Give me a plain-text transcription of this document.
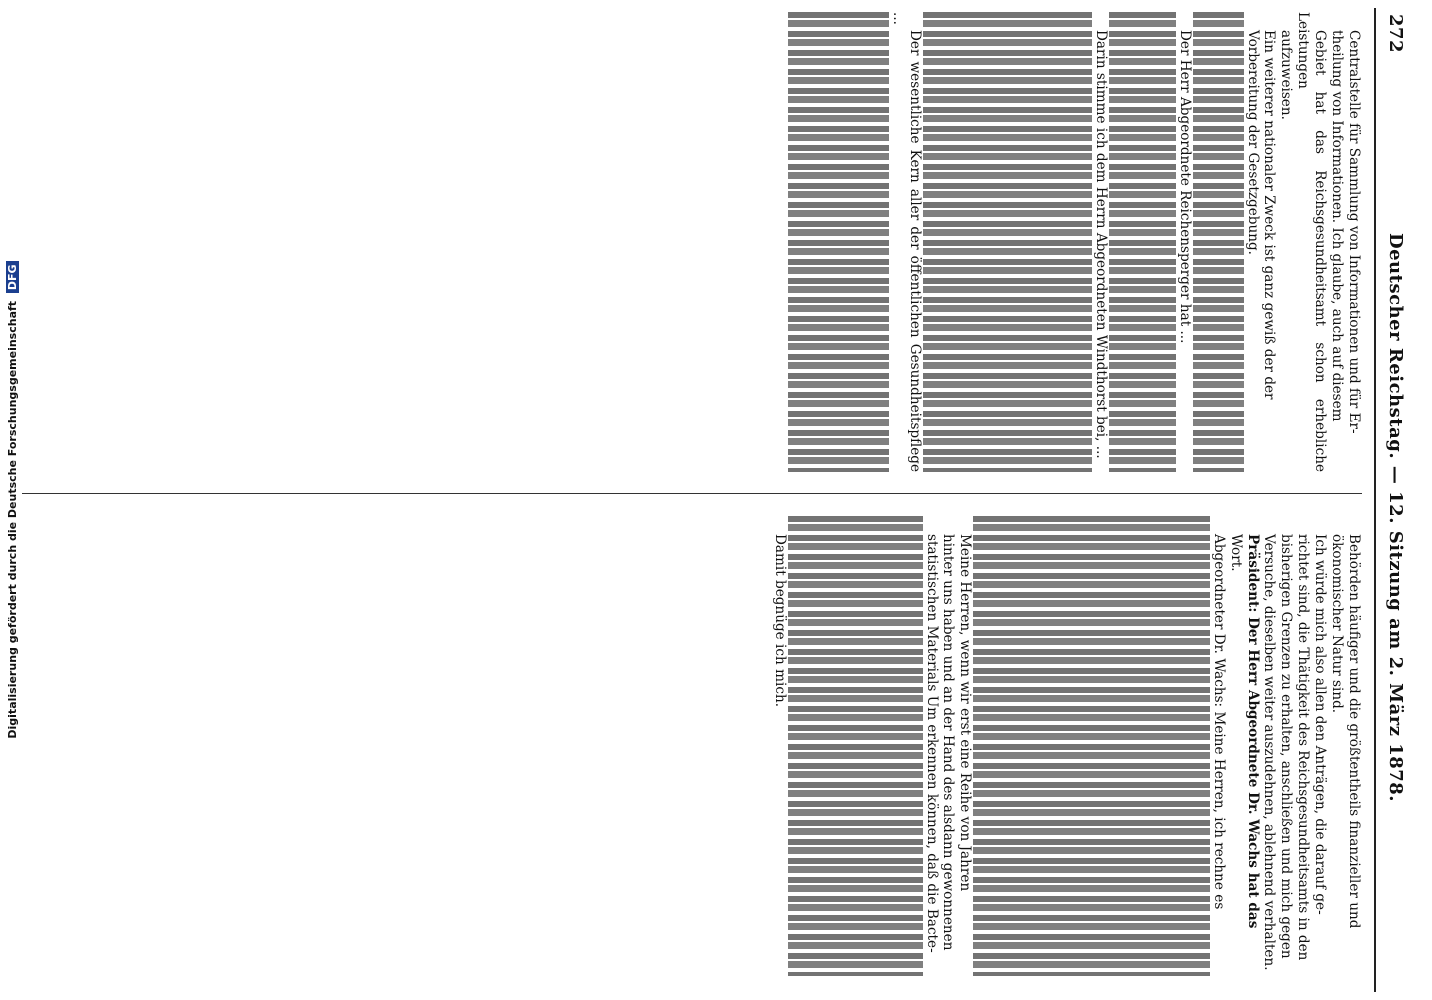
Digitalisierung gefördert durch die Deutsche Forschungsgemeinschaft DFG
272
Deutscher Reichstag. — 12. Sitzung am 2. März 1878.

Centralstelle für Sammlung von Informationen und für Er-

theilung von Informationen. Ich glaube, auch auf diesem

Gebiet hat das Reichsgesundheitsamt schon erhebliche Leistungen

aufzuweisen.

Ein weiterer nationaler Zweck ist ganz gewiß der der

Vorbereitung der Gesetzgebung.

Der Herr Abgeordnete Reichensperger hat ...

Darin stimme ich dem Herrn Abgeordneten Windthorst bei, ...

Der wesentliche Kern aller der öffentlichen Gesundheitspflege ...

Behörden häufiger und die größtentheils finanzieller und

ökonomischer Natur sind.

Ich würde mich also allen den Anträgen, die darauf ge-

richtet sind, die Thätigkeit des Reichsgesundheitsamts in den

bisherigen Grenzen zu erhalten, anschließen und mich gegen

Versuche, dieselben weiter auszudehnen, ablehnend verhalten.

Präsident: Der Herr Abgeordnete Dr. Wachs hat das

Wort.

Abgeordneter Dr. Wachs: Meine Herren, ich rechne es

Meine Herren, wenn wir erst eine Reihe von Jahren

hinter uns haben und an der Hand des alsdann gewonnenen

statistischen Materials Um erkennen können, daß die Bacte-

Damit begnüge ich mich.
